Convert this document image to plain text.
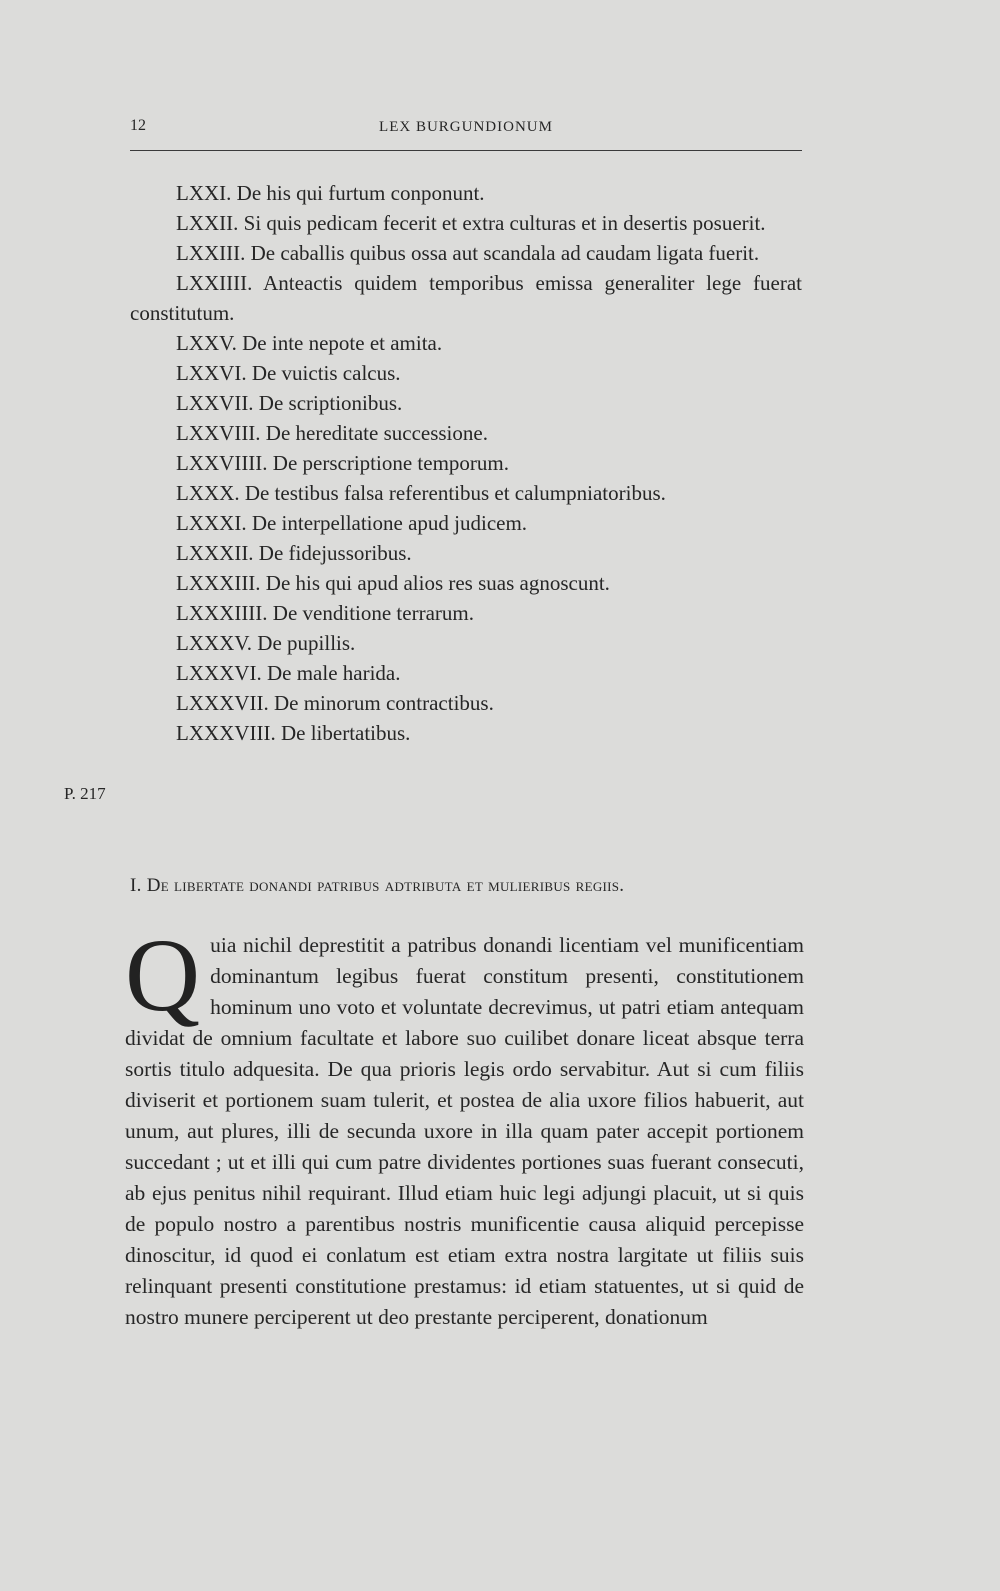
12	LEX BURGUNDIONUM
LXXI. De his qui furtum conponunt.
LXXII. Si quis pedicam fecerit et extra culturas et in desertis posuerit.
LXXIII. De caballis quibus ossa aut scandala ad caudam ligata fuerit.
LXXIIII. Anteactis quidem temporibus emissa generaliter lege fuerat constitutum.
LXXV. De inte nepote et amita.
LXXVI. De vuictis calcus.
LXXVII. De scriptionibus.
LXXVIII. De hereditate successione.
LXXVIIII. De perscriptione temporum.
LXXX. De testibus falsa referentibus et calumpniatoribus.
LXXXI. De interpellatione apud judicem.
LXXXII. De fidejussoribus.
LXXXIII. De his qui apud alios res suas agnoscunt.
LXXXIIII. De venditione terrarum.
LXXXV. De pupillis.
LXXXVI. De male harida.
LXXXVII. De minorum contractibus.
LXXXVIII. De libertatibus.
P. 217
I. De libertate donandi patribus adtributa et mulieribus regiis.

Quia nichil deprestitit a patribus donandi licentiam vel munificentiam dominantum legibus fuerat constitum presenti, constitutionem hominum uno voto et voluntate decrevimus, ut patri etiam antequam dividat de omnium facultate et labore suo cuilibet donare liceat absque terra sortis titulo adquesita. De qua prioris legis ordo servabitur. Aut si cum filiis diviserit et portionem suam tulerit, et postea de alia uxore filios habuerit, aut unum, aut plures, illi de secunda uxore in illa quam pater accepit portionem succedant ; ut et illi qui cum patre dividentes portiones suas fuerant consecuti, ab ejus penitus nihil requirant. Illud etiam huic legi adjungi placuit, ut si quis de populo nostro a parentibus nostris munificentie causa aliquid percepisse dinoscitur, id quod ei conlatum est etiam extra nostra largitate ut filiis suis relinquant presenti constitutione prestamus: id etiam statuentes, ut si quid de nostro munere perciperent ut deo prestante perciperent, donationum
